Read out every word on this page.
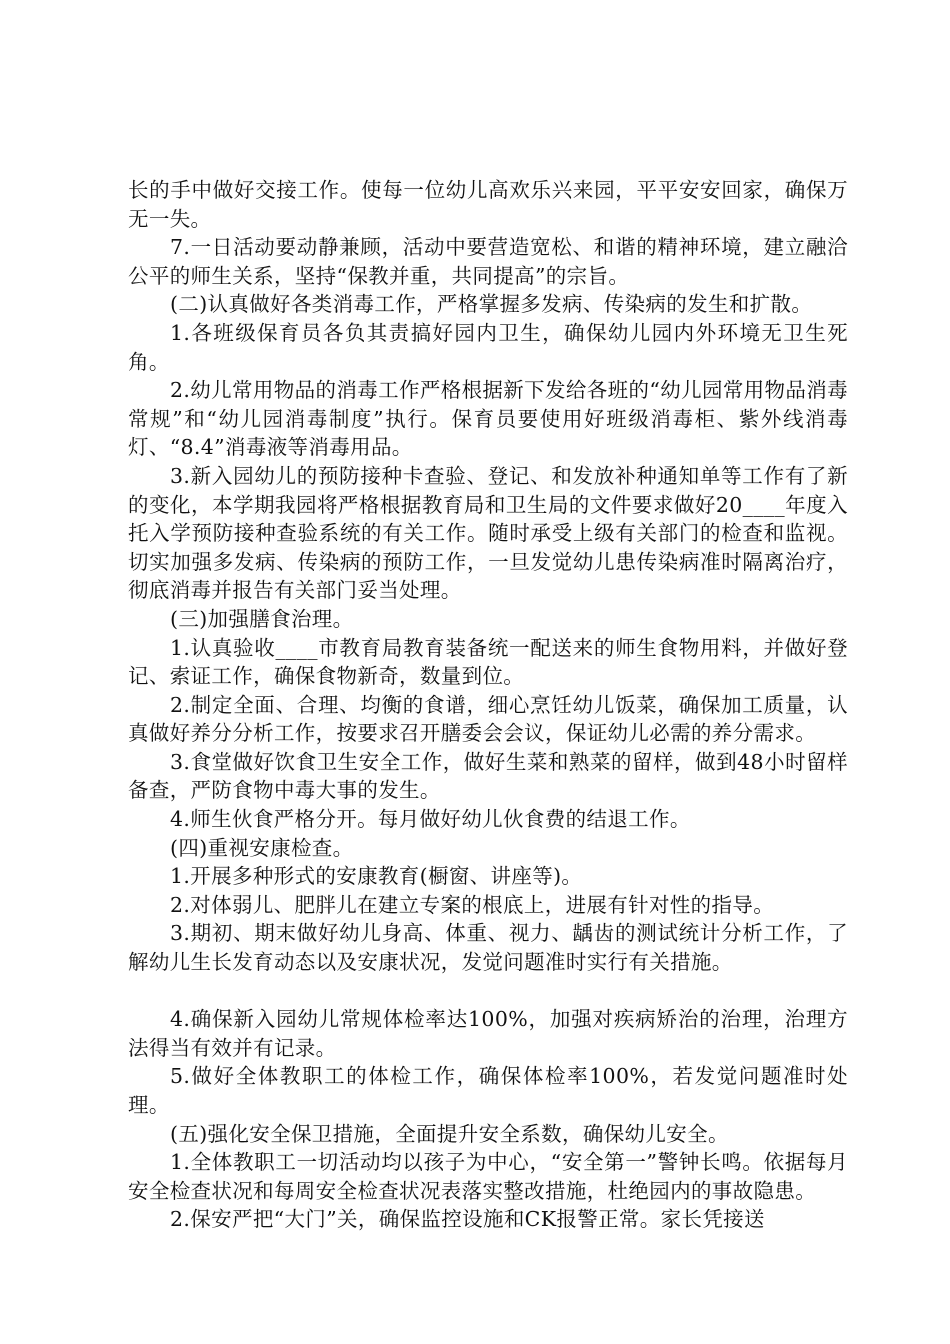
长的手中做好交接工作。使每一位幼儿高欢乐兴来园，平平安安回家，确保万无一失。

7.一日活动要动静兼顾，活动中要营造宽松、和谐的精神环境，建立融洽公平的师生关系，坚持“保教并重，共同提高”的宗旨。

(二)认真做好各类消毒工作，严格掌握多发病、传染病的发生和扩散。

1.各班级保育员各负其责搞好园内卫生，确保幼儿园内外环境无卫生死角。

2.幼儿常用物品的消毒工作严格根据新下发给各班的“幼儿园常用物品消毒常规”和“幼儿园消毒制度”执行。保育员要使用好班级消毒柜、紫外线消毒灯、“8.4”消毒液等消毒用品。

3.新入园幼儿的预防接种卡查验、登记、和发放补种通知单等工作有了新的变化，本学期我园将严格根据教育局和卫生局的文件要求做好20____年度入托入学预防接种查验系统的有关工作。随时承受上级有关部门的检查和监视。切实加强多发病、传染病的预防工作，一旦发觉幼儿患传染病准时隔离治疗，彻底消毒并报告有关部门妥当处理。

(三)加强膳食治理。

1.认真验收____市教育局教育装备统一配送来的师生食物用料，并做好登记、索证工作，确保食物新奇，数量到位。

2.制定全面、合理、均衡的食谱，细心烹饪幼儿饭菜，确保加工质量，认真做好养分分析工作，按要求召开膳委会会议，保证幼儿必需的养分需求。

3.食堂做好饮食卫生安全工作，做好生菜和熟菜的留样，做到48小时留样备查，严防食物中毒大事的发生。

4.师生伙食严格分开。每月做好幼儿伙食费的结退工作。

(四)重视安康检查。

1.开展多种形式的安康教育(橱窗、讲座等)。

2.对体弱儿、肥胖儿在建立专案的根底上，进展有针对性的指导。

3.期初、期末做好幼儿身高、体重、视力、龋齿的测试统计分析工作，了解幼儿生长发育动态以及安康状况，发觉问题准时实行有关措施。

4.确保新入园幼儿常规体检率达100%，加强对疾病矫治的治理，治理方法得当有效并有记录。

5.做好全体教职工的体检工作，确保体检率100%，若发觉问题准时处理。

(五)强化安全保卫措施，全面提升安全系数，确保幼儿安全。

1.全体教职工一切活动均以孩子为中心，“安全第一”警钟长鸣。依据每月安全检查状况和每周安全检查状况表落实整改措施，杜绝园内的事故隐患。

2.保安严把“大门”关，确保监控设施和CK报警正常。家长凭接送
